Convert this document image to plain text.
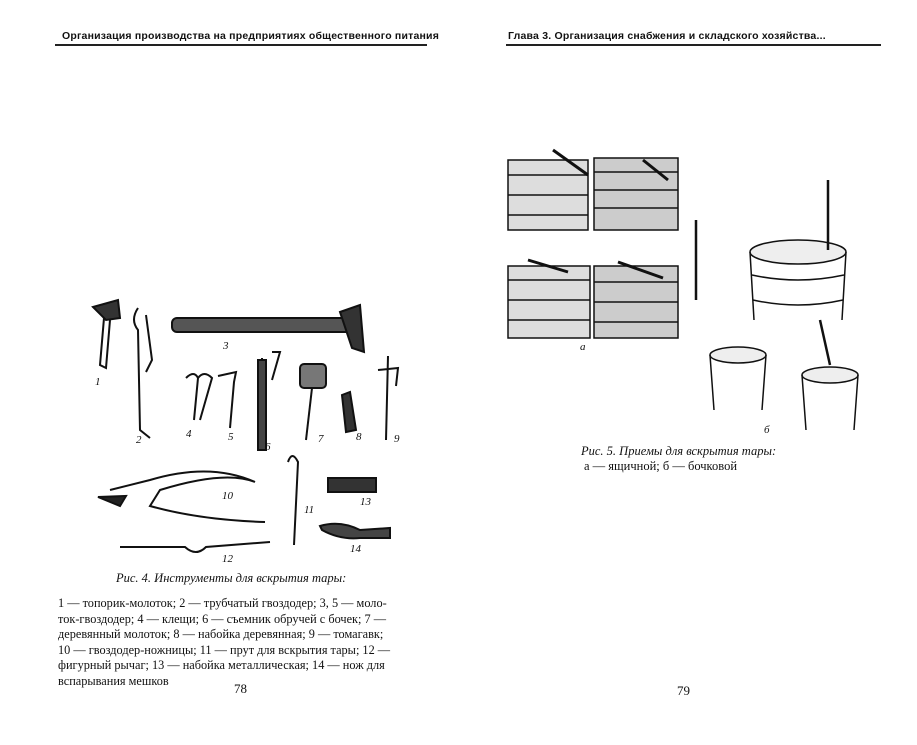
Организация производства на предприятиях общественного питания
1
2
3
4	5
6
7	8	9
10
11
12
13
14
Рис. 4. Инструменты для вскрытия тары:

1 — топорик-молоток; 2 — трубчатый гвоздодер; 3, 5 — моло-

ток-гвоздодер; 4 — клещи; 6 — съемник обручей с бочек; 7 —

деревянный молоток; 8 — набойка деревянная; 9 — томагавк;

10 — гвоздодер-ножницы; 11 — прут для вскрытия тары; 12 —

фигурный рычаг; 13 — набойка металлическая; 14 — нож для

вспарывания мешков

78
Глава 3. Организация снабжения и складского хозяйства...
а
б
Рис. 5. Приемы для вскрытия тары:
а — ящичной; б — бочковой
79
